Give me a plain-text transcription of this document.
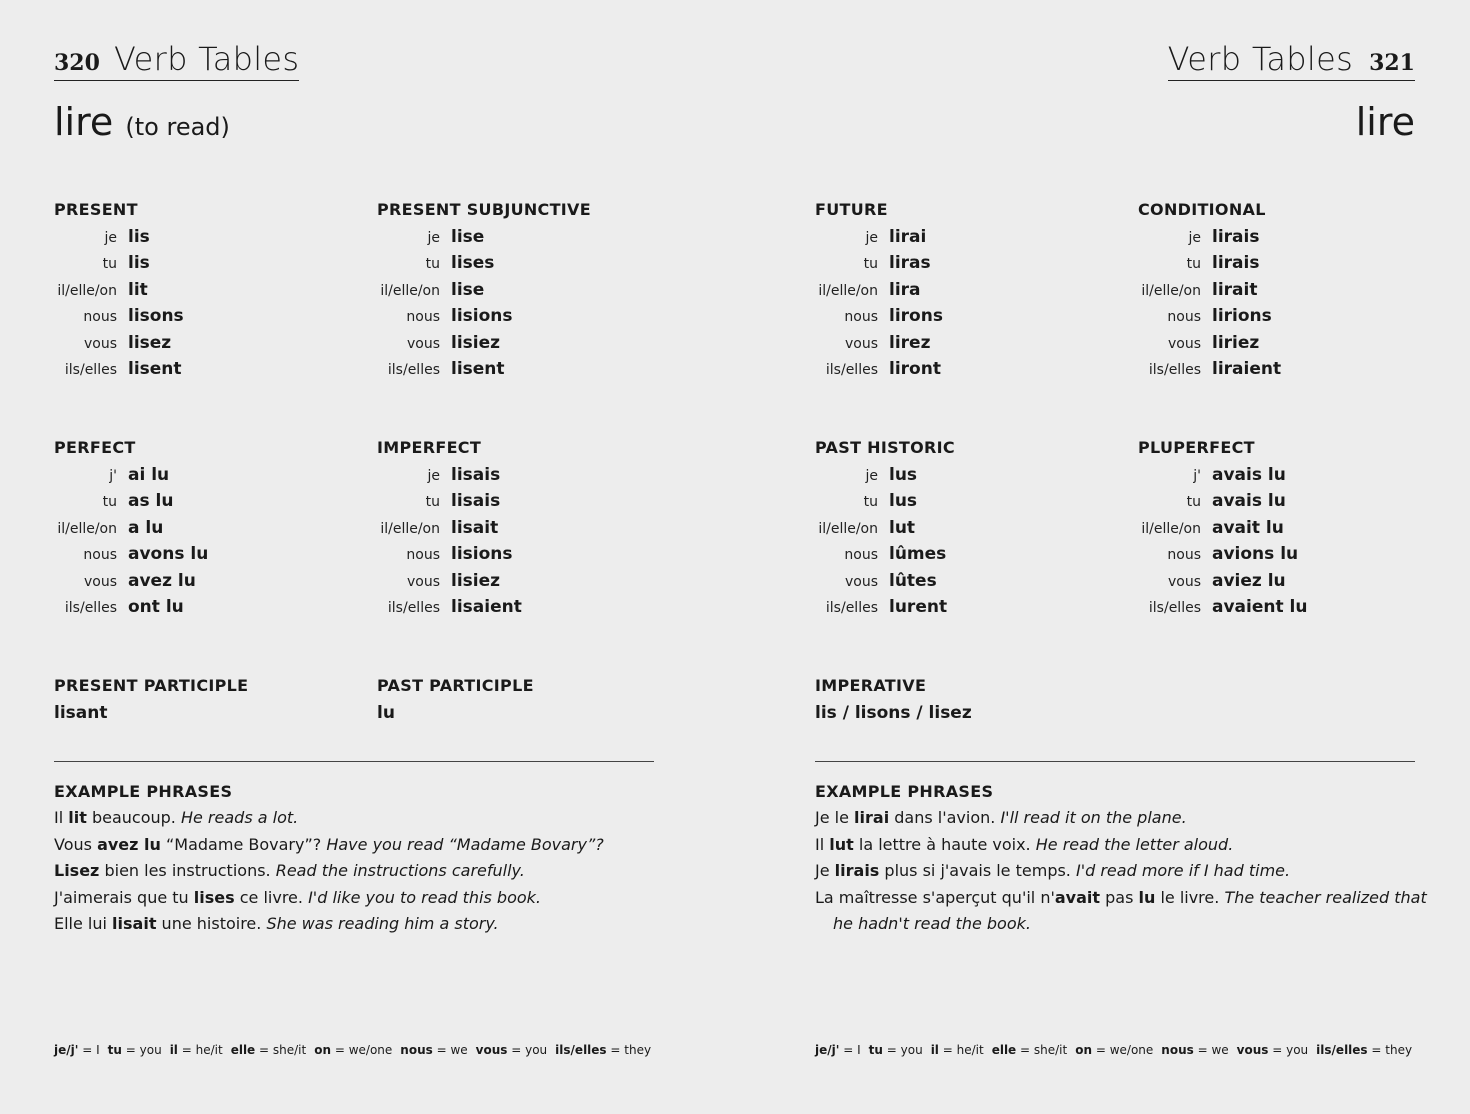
320 Verb Tables
lire (to read)
PRESENT
je lis
tu lis
il/elle/on lit
nous lisons
vous lisez
ils/elles lisent
PRESENT SUBJUNCTIVE
je lise
tu lises
il/elle/on lise
nous lisions
vous lisiez
ils/elles lisent
PERFECT
j' ai lu
tu as lu
il/elle/on a lu
nous avons lu
vous avez lu
ils/elles ont lu
IMPERFECT
je lisais
tu lisais
il/elle/on lisait
nous lisions
vous lisiez
ils/elles lisaient
PRESENT PARTICIPLE
lisant
PAST PARTICIPLE
lu
EXAMPLE PHRASES
Il lit beaucoup. He reads a lot.
Vous avez lu “Madame Bovary”? Have you read “Madame Bovary”?
Lisez bien les instructions. Read the instructions carefully.
J'aimerais que tu lises ce livre. I'd like you to read this book.
Elle lui lisait une histoire. She was reading him a story.
je/j' = I tu = you il = he/it elle = she/it on = we/one nous = we vous = you ils/elles = they
Verb Tables 321
lire
FUTURE
je lirai
tu liras
il/elle/on lira
nous lirons
vous lirez
ils/elles liront
CONDITIONAL
je lirais
tu lirais
il/elle/on lirait
nous lirions
vous liriez
ils/elles liraient
PAST HISTORIC
je lus
tu lus
il/elle/on lut
nous lûmes
vous lûtes
ils/elles lurent
PLUPERFECT
j' avais lu
tu avais lu
il/elle/on avait lu
nous avions lu
vous aviez lu
ils/elles avaient lu
IMPERATIVE
lis / lisons / lisez
EXAMPLE PHRASES
Je le lirai dans l'avion. I'll read it on the plane.
Il lut la lettre à haute voix. He read the letter aloud.
Je lirais plus si j'avais le temps. I'd read more if I had time.
La maîtresse s'aperçut qu'il n'avait pas lu le livre. The teacher realized that
he hadn't read the book.
je/j' = I tu = you il = he/it elle = she/it on = we/one nous = we vous = you ils/elles = they
